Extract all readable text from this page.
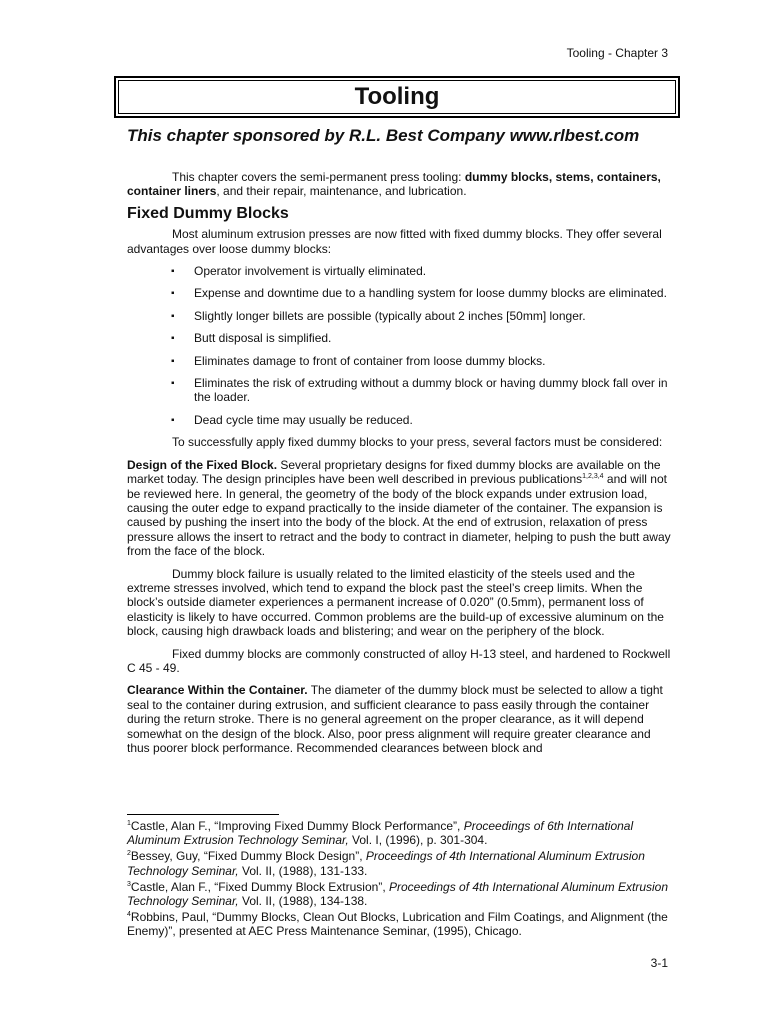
Tooling - Chapter 3
Tooling
This chapter sponsored by R.L. Best Company www.rlbest.com

This chapter covers the semi-permanent press tooling: dummy blocks, stems, containers, container liners, and their repair, maintenance, and lubrication.

Fixed Dummy Blocks

Most aluminum extrusion presses are now fitted with fixed dummy blocks. They offer several advantages over loose dummy blocks:

▪ Operator involvement is virtually eliminated.
▪ Expense and downtime due to a handling system for loose dummy blocks are eliminated.
▪ Slightly longer billets are possible (typically about 2 inches [50mm] longer.
▪ Butt disposal is simplified.
▪ Eliminates damage to front of container from loose dummy blocks.
▪ Eliminates the risk of extruding without a dummy block or having dummy block fall over in the loader.
▪ Dead cycle time may usually be reduced.

To successfully apply fixed dummy blocks to your press, several factors must be considered:

Design of the Fixed Block. Several proprietary designs for fixed dummy blocks are available on the market today. The design principles have been well described in previous publications$^{1,2,3,4}$ and will not be reviewed here. In general, the geometry of the body of the block expands under extrusion load, causing the outer edge to expand practically to the inside diameter of the container. The expansion is caused by pushing the insert into the body of the block. At the end of extrusion, relaxation of press pressure allows the insert to retract and the body to contract in diameter, helping to push the butt away from the face of the block.

Dummy block failure is usually related to the limited elasticity of the steels used and the extreme stresses involved, which tend to expand the block past the steel’s creep limits. When the block’s outside diameter experiences a permanent increase of 0.020” (0.5mm), permanent loss of elasticity is likely to have occurred. Common problems are the build-up of excessive aluminum on the block, causing high drawback loads and blistering; and wear on the periphery of the block.

Fixed dummy blocks are commonly constructed of alloy H-13 steel, and hardened to Rockwell C 45 - 49.

Clearance Within the Container. The diameter of the dummy block must be selected to allow a tight seal to the container during extrusion, and sufficient clearance to pass easily through the container during the return stroke. There is no general agreement on the proper clearance, as it will depend somewhat on the design of the block. Also, poor press alignment will require greater clearance and thus poorer block performance. Recommended clearances between block and

$^1$Castle, Alan F., “Improving Fixed Dummy Block Performance”, Proceedings of 6th International Aluminum Extrusion Technology Seminar, Vol. I, (1996), p. 301-304.
$^2$Bessey, Guy, “Fixed Dummy Block Design”, Proceedings of 4th International Aluminum Extrusion Technology Seminar, Vol. II, (1988), 131-133.
$^3$Castle, Alan F., “Fixed Dummy Block Extrusion”, Proceedings of 4th International Aluminum Extrusion Technology Seminar, Vol. II, (1988), 134-138.
$^4$Robbins, Paul, “Dummy Blocks, Clean Out Blocks, Lubrication and Film Coatings, and Alignment (the Enemy)”, presented at AEC Press Maintenance Seminar, (1995), Chicago.
3-1
